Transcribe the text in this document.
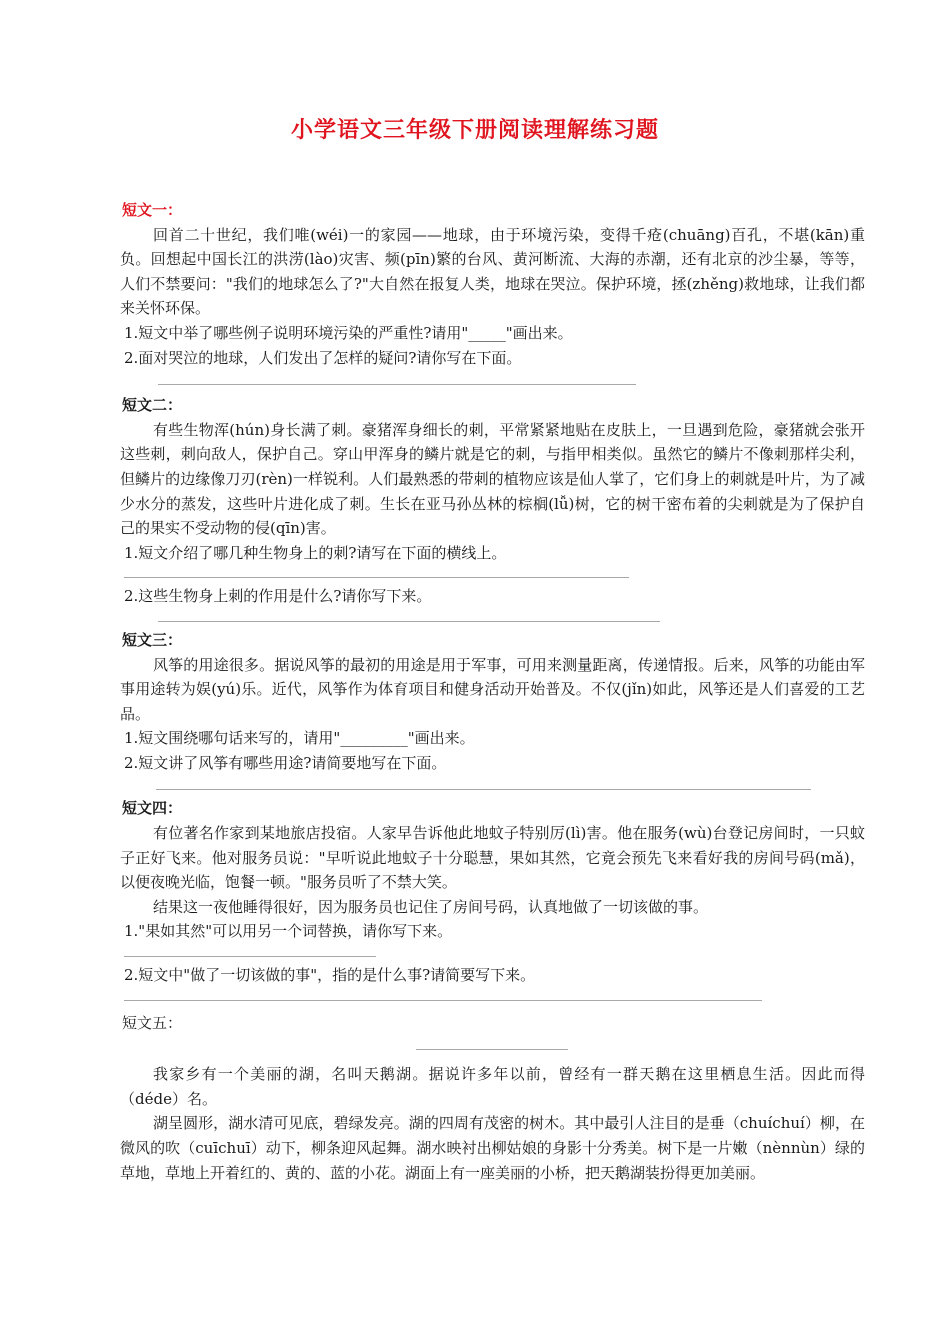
小学语文三年级下册阅读理解练习题
短文一：

回首二十世纪，我们唯(wéi)一的家园——地球，由于环境污染，变得千疮(chuāng)百孔，不堪(kān)重负。回想起中国长江的洪涝(lào)灾害、频(pīn)繁的台风、黄河断流、大海的赤潮，还有北京的沙尘暴，等等，人们不禁要问："我们的地球怎么了?"大自然在报复人类，地球在哭泣。保护环境，拯(zhěng)救地球，让我们都来关怀环保。

1.短文中举了哪些例子说明环境污染的严重性?请用"_____"画出来。
2.面对哭泣的地球，人们发出了怎样的疑问?请你写在下面。
短文二：

有些生物浑(hún)身长满了刺。豪猪浑身细长的刺，平常紧紧地贴在皮肤上，一旦遇到危险，豪猪就会张开这些刺，刺向敌人，保护自己。穿山甲浑身的鳞片就是它的刺，与指甲相类似。虽然它的鳞片不像刺那样尖利，但鳞片的边缘像刀刃(rèn)一样锐利。人们最熟悉的带刺的植物应该是仙人掌了，它们身上的刺就是叶片，为了减少水分的蒸发，这些叶片进化成了刺。生长在亚马孙丛林的棕榈(lǚ)树，它的树干密布着的尖刺就是为了保护自己的果实不受动物的侵(qīn)害。

1.短文介绍了哪几种生物身上的刺?请写在下面的横线上。
2.这些生物身上刺的作用是什么?请你写下来。
短文三：

风筝的用途很多。据说风筝的最初的用途是用于军事，可用来测量距离，传递情报。后来，风筝的功能由军事用途转为娱(yú)乐。近代，风筝作为体育项目和健身活动开始普及。不仅(jǐn)如此，风筝还是人们喜爱的工艺品。

1.短文围绕哪句话来写的，请用"_________"画出来。
2.短文讲了风筝有哪些用途?请简要地写在下面。
短文四：

有位著名作家到某地旅店投宿。人家早告诉他此地蚊子特别厉(lì)害。他在服务(wù)台登记房间时，一只蚊子正好飞来。他对服务员说："早听说此地蚊子十分聪慧，果如其然，它竟会预先飞来看好我的房间号码(mǎ)，以便夜晚光临，饱餐一顿。"服务员听了不禁大笑。

结果这一夜他睡得很好，因为服务员也记住了房间号码，认真地做了一切该做的事。

1."果如其然"可以用另一个词替换，请你写下来。
2.短文中"做了一切该做的事"，指的是什么事?请简要写下来。
短文五：

我家乡有一个美丽的湖，名叫天鹅湖。据说许多年以前，曾经有一群天鹅在这里栖息生活。因此而得（déde）名。

湖呈圆形，湖水清可见底，碧绿发亮。湖的四周有茂密的树木。其中最引人注目的是垂（chuíchuí）柳，在微风的吹（cuīchuī）动下，柳条迎风起舞。湖水映衬出柳姑娘的身影十分秀美。树下是一片嫩（nènnùn）绿的草地，草地上开着红的、黄的、蓝的小花。湖面上有一座美丽的小桥，把天鹅湖装扮得更加美丽。
